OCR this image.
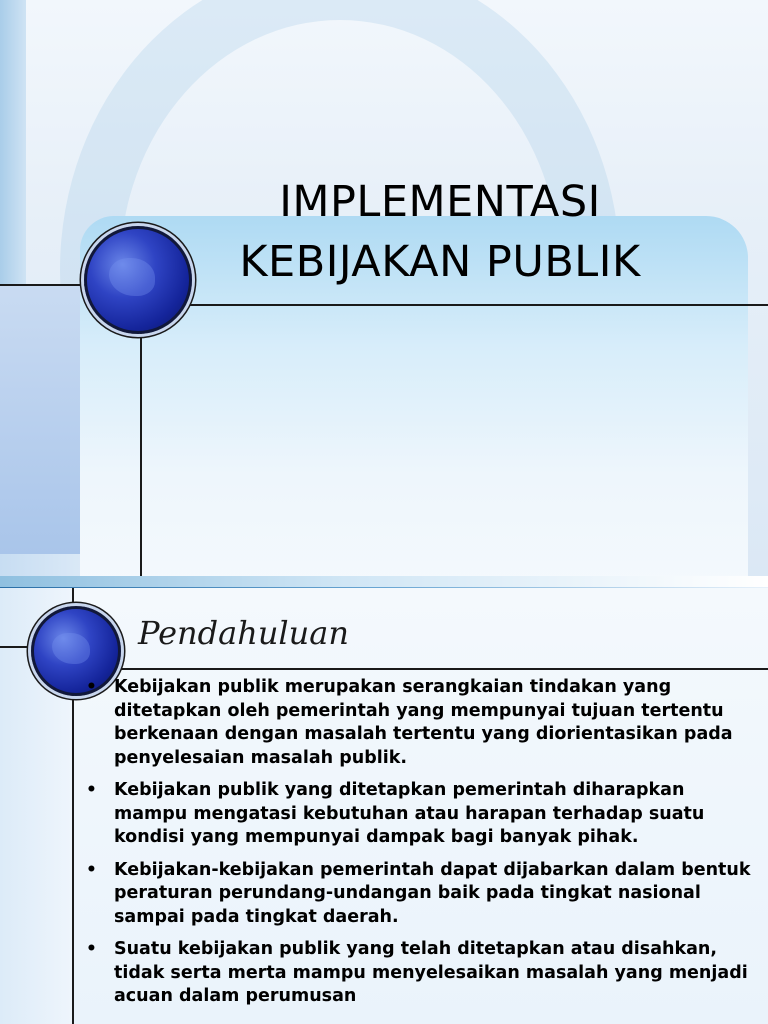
IMPLEMENTASI
KEBIJAKAN PUBLIK
Pendahuluan
• Kebijakan publik merupakan serangkaian tindakan yang ditetapkan oleh pemerintah yang mempunyai tujuan tertentu berkenaan dengan masalah tertentu yang diorientasikan pada penyelesaian masalah publik.
• Kebijakan publik yang ditetapkan pemerintah diharapkan mampu mengatasi kebutuhan atau harapan terhadap suatu kondisi yang mempunyai dampak bagi banyak pihak.
• Kebijakan-kebijakan pemerintah dapat dijabarkan dalam bentuk peraturan perundang-undangan baik pada tingkat nasional sampai pada tingkat daerah.
• Suatu kebijakan publik yang telah ditetapkan atau disahkan, tidak serta merta mampu menyelesaikan masalah yang menjadi acuan dalam perumusan
